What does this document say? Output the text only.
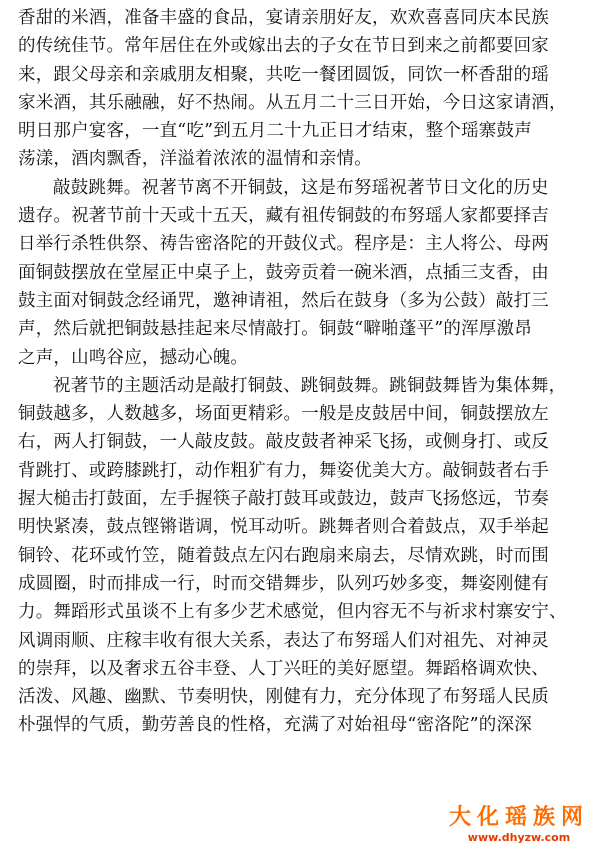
香甜的米酒，准备丰盛的食品，宴请亲朋好友，欢欢喜喜同庆本民族
的传统佳节。常年居住在外或嫁出去的子女在节日到来之前都要回家
来，跟父母亲和亲戚朋友相聚，共吃一餐团圆饭，同饮一杯香甜的瑶
家米酒，其乐融融，好不热闹。从五月二十三日开始，今日这家请酒，
明日那户宴客，一直“吃”到五月二十九正日才结束，整个瑶寨鼓声
荡漾，酒肉飘香，洋溢着浓浓的温情和亲情。
敲鼓跳舞。祝著节离不开铜鼓，这是布努瑶祝著节日文化的历史
遗存。祝著节前十天或十五天，藏有祖传铜鼓的布努瑶人家都要择吉
日举行杀牲供祭、祷告密洛陀的开鼓仪式。程序是：主人将公、母两
面铜鼓摆放在堂屋正中桌子上，鼓旁贡着一碗米酒，点插三支香，由
鼓主面对铜鼓念经诵咒，邀神请祖，然后在鼓身（多为公鼓）敲打三
声，然后就把铜鼓悬挂起来尽情敲打。铜鼓“噼啪蓬平”的浑厚激昂
之声，山鸣谷应，撼动心魄。
祝著节的主题活动是敲打铜鼓、跳铜鼓舞。跳铜鼓舞皆为集体舞，
铜鼓越多，人数越多，场面更精彩。一般是皮鼓居中间，铜鼓摆放左
右，两人打铜鼓，一人敲皮鼓。敲皮鼓者神采飞扬，或侧身打、或反
背跳打、或跨膝跳打，动作粗犷有力，舞姿优美大方。敲铜鼓者右手
握大槌击打鼓面，左手握筷子敲打鼓耳或鼓边，鼓声飞扬悠远，节奏
明快紧凑，鼓点铿锵谐调，悦耳动听。跳舞者则合着鼓点，双手举起
铜铃、花环或竹笠，随着鼓点左闪右跑扇来扇去，尽情欢跳，时而围
成圆圈，时而排成一行，时而交错舞步，队列巧妙多变，舞姿刚健有
力。舞蹈形式虽谈不上有多少艺术感觉，但内容无不与祈求村寨安宁、
风调雨顺、庄稼丰收有很大关系，表达了布努瑶人们对祖先、对神灵
的崇拜，以及奢求五谷丰登、人丁兴旺的美好愿望。舞蹈格调欢快、
活泼、风趣、幽默、节奏明快，刚健有力，充分体现了布努瑶人民质
朴强悍的气质，勤劳善良的性格，充满了对始祖母“密洛陀”的深深
大化瑶族网
www.dhyzw.com
